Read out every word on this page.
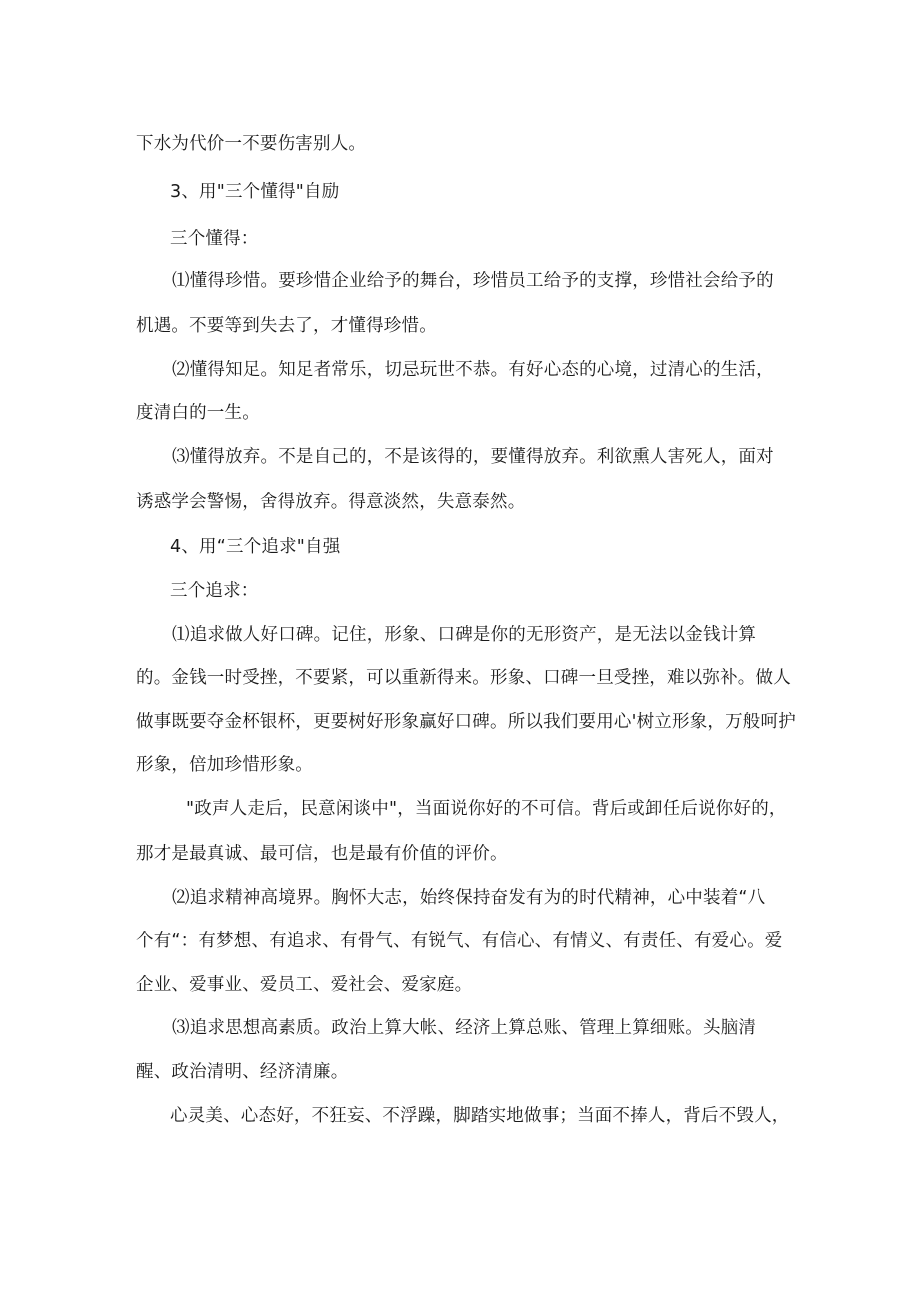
下水为代价一不要伤害别人。
3、用"三个懂得"自励
三个懂得：
⑴懂得珍惜。要珍惜企业给予的舞台，珍惜员工给予的支撑，珍惜社会给予的
机遇。不要等到失去了，才懂得珍惜。
⑵懂得知足。知足者常乐，切忌玩世不恭。有好心态的心境，过清心的生活，
度清白的一生。
⑶懂得放弃。不是自己的，不是该得的，要懂得放弃。利欲熏人害死人，面对
诱惑学会警惕，舍得放弃。得意淡然，失意泰然。
4、用“三个追求"自强
三个追求：
⑴追求做人好口碑。记住，形象、口碑是你的无形资产，是无法以金钱计算
的。金钱一时受挫，不要紧，可以重新得来。形象、口碑一旦受挫，难以弥补。做人
做事既要夺金杯银杯，更要树好形象赢好口碑。所以我们要用心'树立形象，万般呵护
形象，倍加珍惜形象。
"政声人走后，民意闲谈中"，当面说你好的不可信。背后或卸任后说你好的，
那才是最真诚、最可信，也是最有价值的评价。
⑵追求精神高境界。胸怀大志，始终保持奋发有为的时代精神，心中装着“八
个有“：有梦想、有追求、有骨气、有锐气、有信心、有情义、有责任、有爱心。爱
企业、爱事业、爱员工、爱社会、爱家庭。
⑶追求思想高素质。政治上算大帐、经济上算总账、管理上算细账。头脑清
醒、政治清明、经济清廉。
心灵美、心态好，不狂妄、不浮躁，脚踏实地做事；当面不捧人，背后不毁人，
